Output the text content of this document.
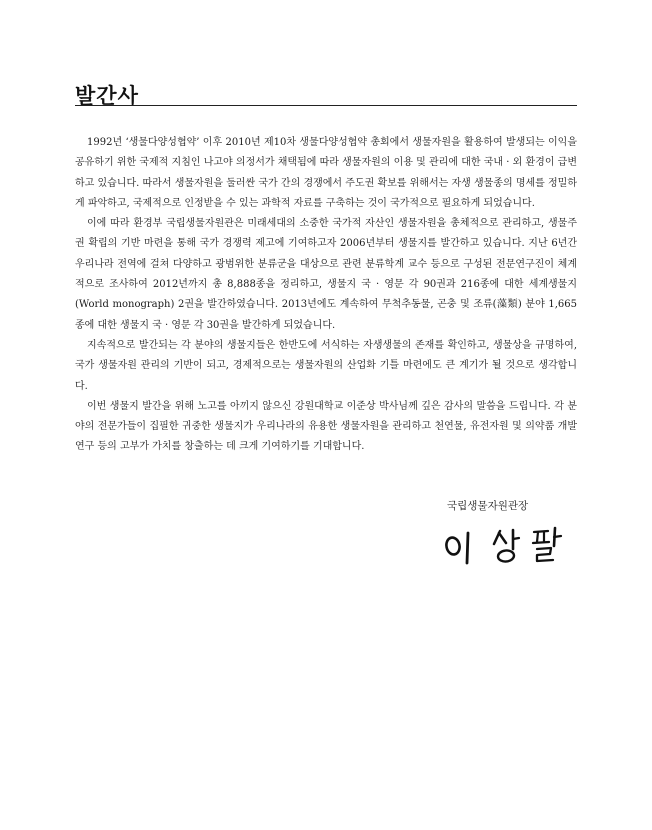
발간사

1992년 ‘생물다양성협약’ 이후 2010년 제10차 생물다양성협약 총회에서 생물자원을 활용하여 발생되는 이익을 공유하기 위한 국제적 지침인 나고야 의정서가 채택됨에 따라 생물자원의 이용 및 관리에 대한 국내 · 외 환경이 급변하고 있습니다. 따라서 생물자원을 둘러싼 국가 간의 경쟁에서 주도권 확보를 위해서는 자생 생물종의 명세를 정밀하게 파악하고, 국제적으로 인정받을 수 있는 과학적 자료를 구축하는 것이 국가적으로 필요하게 되었습니다.

이에 따라 환경부 국립생물자원관은 미래세대의 소중한 국가적 자산인 생물자원을 총체적으로 관리하고, 생물주권 확립의 기반 마련을 통해 국가 경쟁력 제고에 기여하고자 2006년부터 생물지를 발간하고 있습니다. 지난 6년간 우리나라 전역에 걸쳐 다양하고 광범위한 분류군을 대상으로 관련 분류학계 교수 등으로 구성된 전문연구진이 체계적으로 조사하여 2012년까지 총 8,888종을 정리하고, 생물지 국 · 영문 각 90권과 216종에 대한 세계생물지(World monograph) 2권을 발간하였습니다. 2013년에도 계속하여 무척추동물, 곤충 및 조류(藻類) 분야 1,665종에 대한 생물지 국 · 영문 각 30권을 발간하게 되었습니다.

지속적으로 발간되는 각 분야의 생물지들은 한반도에 서식하는 자생생물의 존재를 확인하고, 생물상을 규명하여, 국가 생물자원 관리의 기반이 되고, 경제적으로는 생물자원의 산업화 기틀 마련에도 큰 계기가 될 것으로 생각합니다.

이번 생물지 발간을 위해 노고를 아끼지 않으신 강원대학교 이준상 박사님께 깊은 감사의 말씀을 드립니다. 각 분야의 전문가들이 집필한 귀중한 생물지가 우리나라의 유용한 생물자원을 관리하고 천연물, 유전자원 및 의약품 개발연구 등의 고부가 가치를 창출하는 데 크게 기여하기를 기대합니다.

국립생물자원관장
